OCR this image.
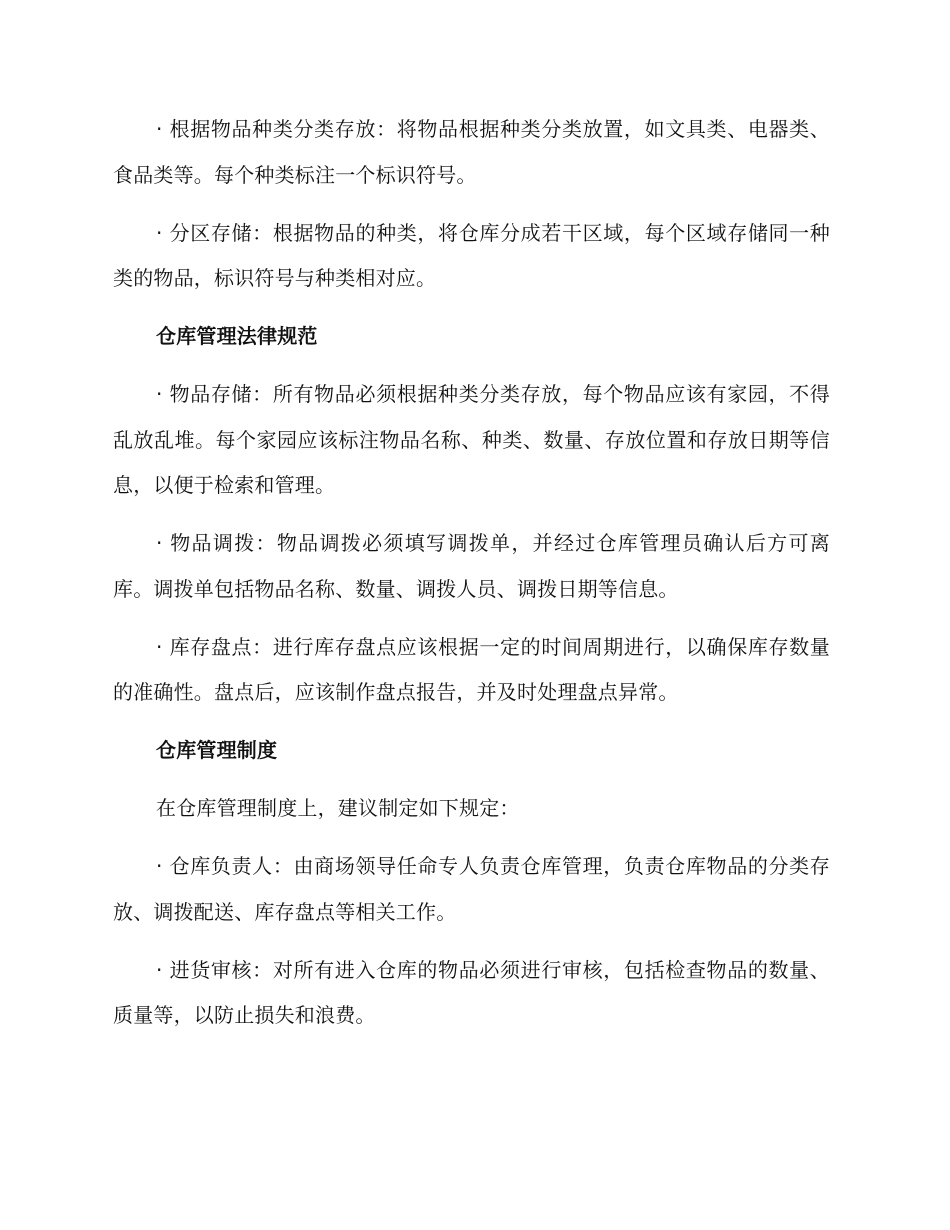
· 根据物品种类分类存放：将物品根据种类分类放置，如文具类、电器类、食品类等。每个种类标注一个标识符号。

· 分区存储：根据物品的种类，将仓库分成若干区域，每个区域存储同一种类的物品，标识符号与种类相对应。

仓库管理法律规范

· 物品存储：所有物品必须根据种类分类存放，每个物品应该有家园，不得乱放乱堆。每个家园应该标注物品名称、种类、数量、存放位置和存放日期等信息，以便于检索和管理。

· 物品调拨：物品调拨必须填写调拨单，并经过仓库管理员确认后方可离库。调拨单包括物品名称、数量、调拨人员、调拨日期等信息。

· 库存盘点：进行库存盘点应该根据一定的时间周期进行，以确保库存数量的准确性。盘点后，应该制作盘点报告，并及时处理盘点异常。

仓库管理制度

在仓库管理制度上，建议制定如下规定：

· 仓库负责人：由商场领导任命专人负责仓库管理，负责仓库物品的分类存放、调拨配送、库存盘点等相关工作。

· 进货审核：对所有进入仓库的物品必须进行审核，包括检查物品的数量、质量等，以防止损失和浪费。
